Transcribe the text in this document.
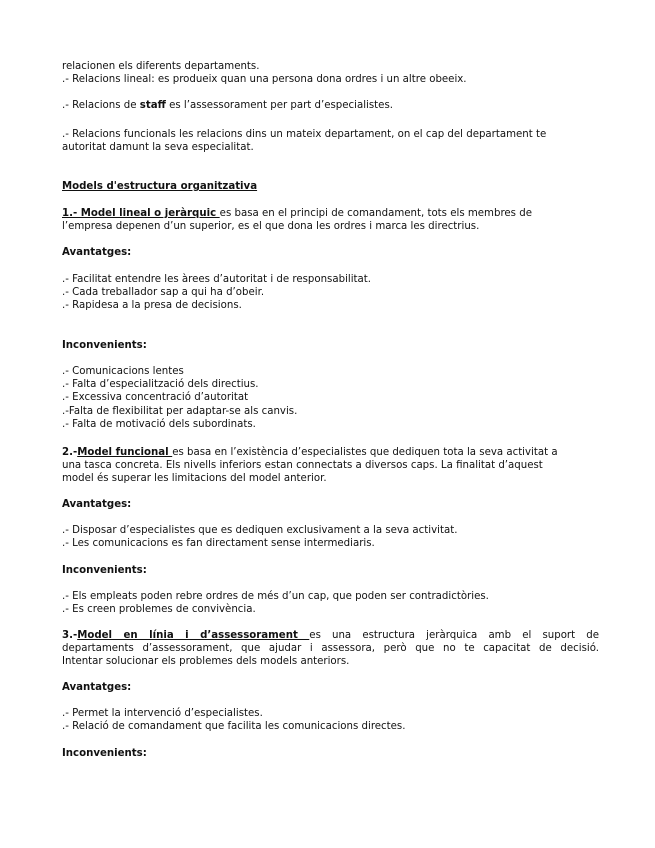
relacionen els diferents departaments.
.- Relacions lineal: es produeix quan una persona dona ordres i un altre obeeix.
.- Relacions de staff es l’assessorament per part d’especialistes.
.- Relacions funcionals les relacions dins un mateix departament, on el cap del departament te
autoritat damunt la seva especialitat.
Models d'estructura organitzativa
1.- Model lineal o jeràrquic es basa en el principi de comandament, tots els membres de
l’empresa depenen d’un superior, es el que dona les ordres i marca les directrius.
Avantatges:
.- Facilitat entendre les àrees d’autoritat i de responsabilitat.
.- Cada treballador sap a qui ha d’obeir.
.- Rapidesa a la presa de decisions.
Inconvenients:
.- Comunicacions lentes
.- Falta d’especialització dels directius.
.- Excessiva concentració d’autoritat
.-Falta de flexibilitat per adaptar-se als canvis.
.- Falta de motivació dels subordinats.
2.-Model funcional es basa en l’existència d’especialistes que dediquen tota la seva activitat a
una tasca concreta. Els nivells inferiors estan connectats a diversos caps. La finalitat d’aquest
model és superar les limitacions del model anterior.
Avantatges:
.- Disposar d’especialistes que es dediquen exclusivament a la seva activitat.
.- Les comunicacions es fan directament sense intermediaris.
Inconvenients:
.- Els empleats poden rebre ordres de més d’un cap, que poden ser contradictòries.
.- Es creen problemes de convivència.
3.-Model en línia i d’assessorament es una estructura jeràrquica amb el suport de
departaments d’assessorament, que ajudar i assessora, però que no te capacitat de decisió.
Intentar solucionar els problemes dels models anteriors.
Avantatges:
.- Permet la intervenció d’especialistes.
.- Relació de comandament que facilita les comunicacions directes.
Inconvenients:
